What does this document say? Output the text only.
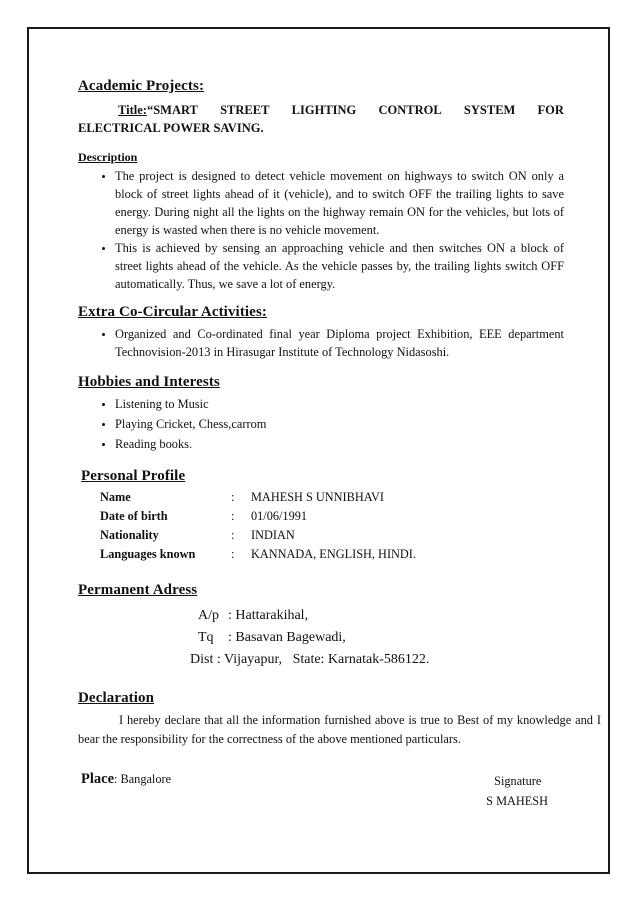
Academic Projects:
Title:“SMART STREET LIGHTING CONTROL SYSTEM FOR
ELECTRICAL POWER SAVING.
Description
• The project is designed to detect vehicle movement on highways to switch ON only a block of street lights ahead of it (vehicle), and to switch OFF the trailing lights to save energy. During night all the lights on the highway remain ON for the vehicles, but lots of energy is wasted when there is no vehicle movement.
• This is achieved by sensing an approaching vehicle and then switches ON a block of street lights ahead of the vehicle. As the vehicle passes by, the trailing lights switch OFF automatically. Thus, we save a lot of energy.
Extra Co-Circular Activities:
• Organized and Co-ordinated final year Diploma project Exhibition, EEE department Technovision-2013 in Hirasugar Institute of Technology Nidasoshi.
Hobbies and Interests
• Listening to Music
• Playing Cricket, Chess,carrom
• Reading books.
Personal Profile
Name	:	MAHESH S UNNIBHAVI
Date of birth	:	01/06/1991
Nationality	:	INDIAN
Languages known	:	KANNADA, ENGLISH, HINDI.
Permanent Adress
A/p : Hattarakihal,
Tq : Basavan Bagewadi,
Dist : Vijayapur, State: Karnatak-586122.
Declaration
I hereby declare that all the information furnished above is true to Best of my knowledge and I bear the responsibility for the correctness of the above mentioned particulars.
Place: Bangalore	Signature
S MAHESH
